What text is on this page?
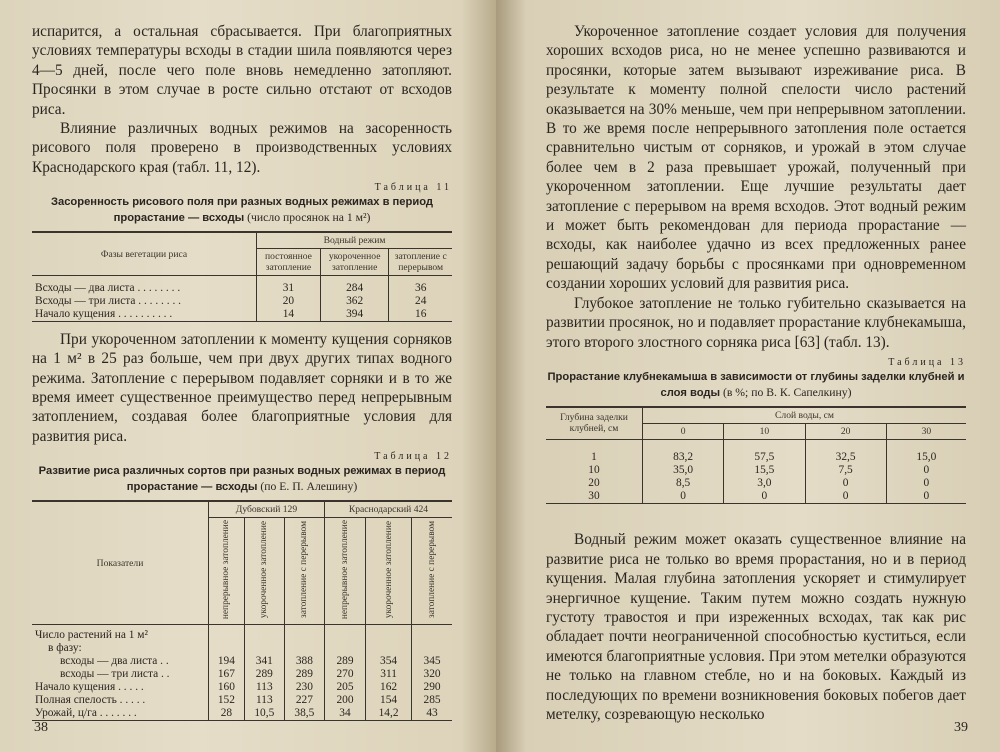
испарится, а остальная сбрасывается. При благоприятных условиях температуры всходы в стадии шила появляются через 4—5 дней, после чего поле вновь немедленно затопляют. Просянки в этом случае в росте сильно отстают от всходов риса.

Влияние различных водных режимов на засоренность рисового поля проверено в производственных условиях Краснодарского края (табл. 11, 12).

Таблица 11
Засоренность рисового поля при разных водных режимах в период прорастание — всходы (число просянок на 1 м²)
Фазы вегетации риса	Водный режим		
	постоянное затопление	укороченное затопление	затопление с перерывом

Всходы — два листа . . . . . . . .	31	284	36
Всходы — три листа . . . . . . . .	20	362	24
Начало кущения . . . . . . . . . .	14	394	16

При укороченном затоплении к моменту кущения сорняков на 1 м² в 25 раз больше, чем при двух других типах водного режима. Затопление с перерывом подавляет сорняки и в то же время имеет существенное преимущество перед непрерывным затоплением, создавая более благоприятные условия для развития риса.

Таблица 12
Развитие риса различных сортов при разных водных режимах в период прорастание — всходы (по Е. П. Алешину)
Показатели	Дубовский 129			Краснодарский 424		
	непрерывное затопление	укороченное затопление	затопление с перерывом	непрерывное затопление	укороченное затопление	затопление с перерывом
Число растений на 1 м²						
в фазу:						
всходы — два листа . .	194	341	388	289	354	345
всходы — три листа . .	167	289	289	270	311	320
Начало кущения . . . . .	160	113	230	205	162	290
Полная спелость . . . . .	152	113	227	200	154	285
Урожай, ц/га . . . . . . .	28	10,5	38,5	34	14,2	43
38

Укороченное затопление создает условия для получения хороших всходов риса, но не менее успешно развиваются и просянки, которые затем вызывают изреживание риса. В результате к моменту полной спелости число растений оказывается на 30% меньше, чем при непрерывном затоплении. В то же время после непрерывного затопления поле остается сравнительно чистым от сорняков, и урожай в этом случае более чем в 2 раза превышает урожай, полученный при укороченном затоплении. Еще лучшие результаты дает затопление с перерывом на время всходов. Этот водный режим и может быть рекомендован для периода прорастание — всходы, как наиболее удачно из всех предложенных ранее решающий задачу борьбы с просянками при одновременном создании хороших условий для развития риса.

Глубокое затопление не только губительно сказывается на развитии просянок, но и подавляет прорастание клубнекамыша, этого второго злостного сорняка риса [63] (табл. 13).

Таблица 13
Прорастание клубнекамыша в зависимости от глубины заделки клубней и слоя воды (в %; по В. К. Сапелкину)
Глубина заделки клубней, см	Слой воды, см			
	0	10	20	30

1	83,2	57,5	32,5	15,0
10	35,0	15,5	7,5	0
20	8,5	3,0	0	0
30	0	0	0	0

Водный режим может оказать существенное влияние на развитие риса не только во время прорастания, но и в период кущения. Малая глубина затопления ускоряет и стимулирует энергичное кущение. Таким путем можно создать нужную густоту травостоя и при изреженных всходах, так как рис обладает почти неограниченной способностью куститься, если имеются благоприятные условия. При этом метелки образуются не только на главном стебле, но и на боковых. Каждый из последующих по времени возникновения боковых побегов дает метелку, созревающую несколько

39
